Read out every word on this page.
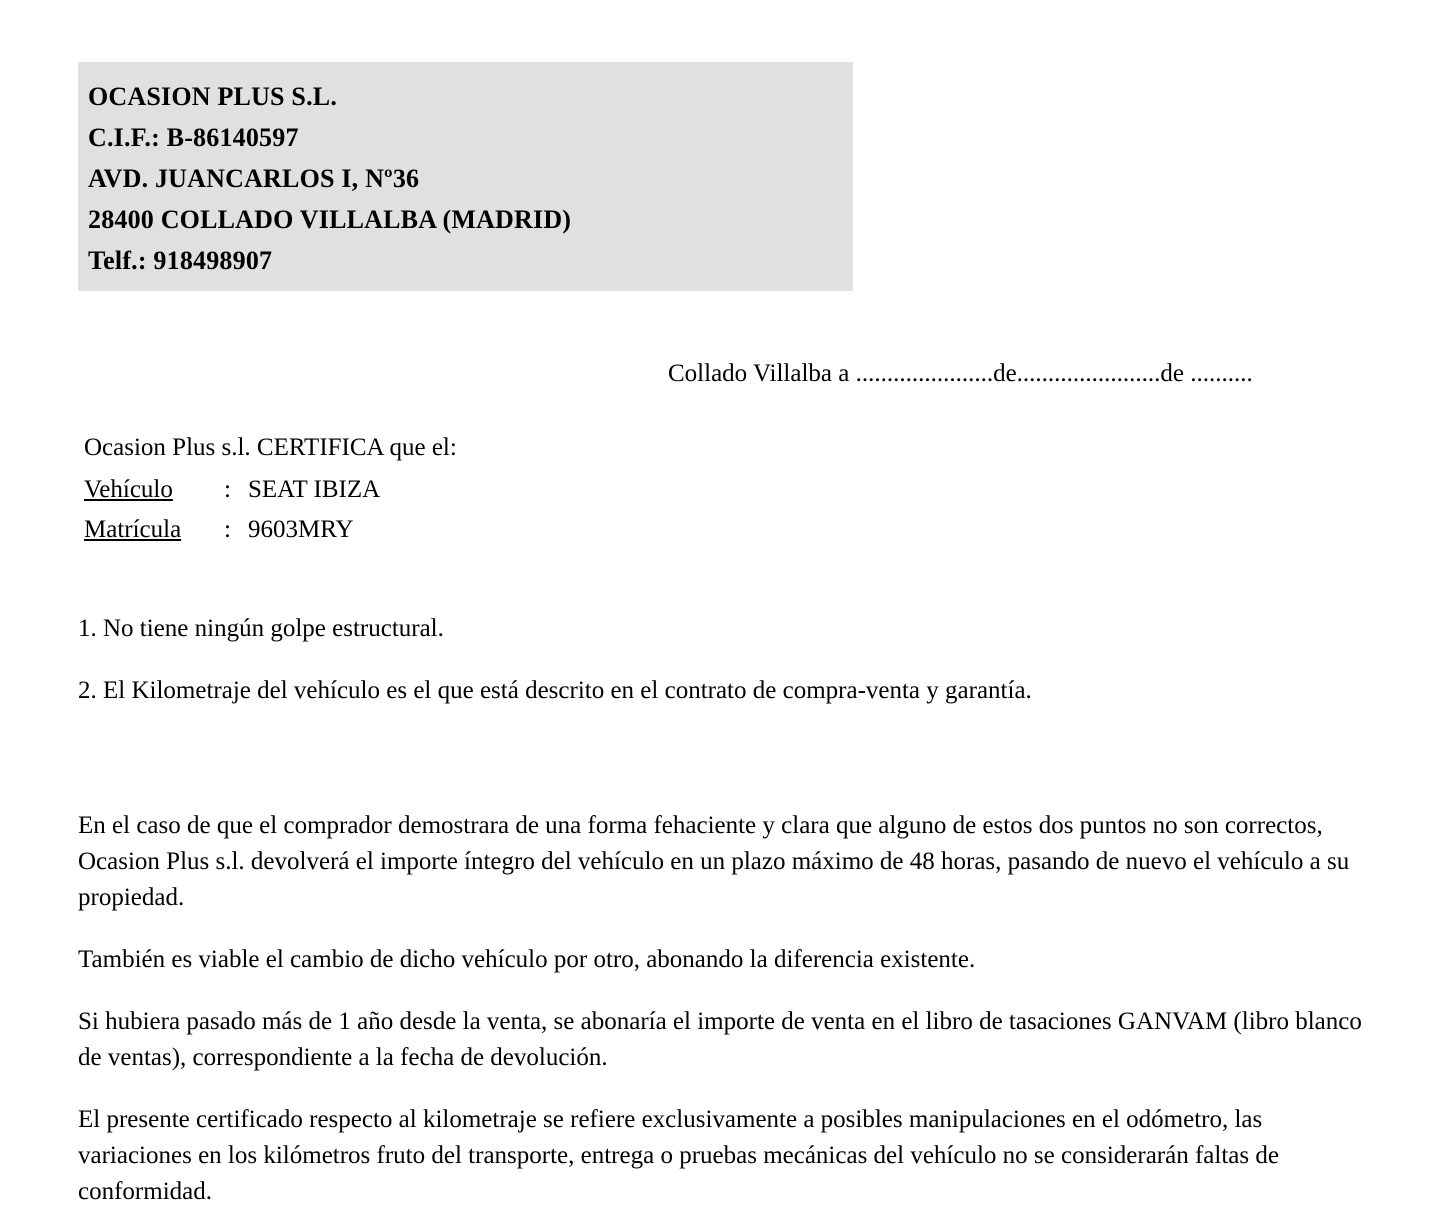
OCASION PLUS S.L.
C.I.F.: B-86140597
AVD. JUANCARLOS I, Nº36
28400 COLLADO VILLALBA (MADRID)
Telf.: 918498907
Collado Villalba a ......................de.......................de ..........
Ocasion Plus s.l. CERTIFICA que el:
Vehículo	: SEAT IBIZA
Matrícula	: 9603MRY
1. No tiene ningún golpe estructural.
2. El Kilometraje del vehículo es el que está descrito en el contrato de compra-venta y garantía.
En el caso de que el comprador demostrara de una forma fehaciente y clara que alguno de estos dos puntos no son correctos, Ocasion Plus s.l. devolverá el importe íntegro del vehículo en un plazo máximo de 48 horas, pasando de nuevo el vehículo a su propiedad.
También es viable el cambio de dicho vehículo por otro, abonando la diferencia existente.
Si hubiera pasado más de 1 año desde la venta, se abonaría el importe de venta en el libro de tasaciones GANVAM (libro blanco de ventas), correspondiente a la fecha de devolución.
El presente certificado respecto al kilometraje se refiere exclusivamente a posibles manipulaciones en el odómetro, las variaciones en los kilómetros fruto del transporte, entrega o pruebas mecánicas del vehículo no se considerarán faltas de conformidad.
